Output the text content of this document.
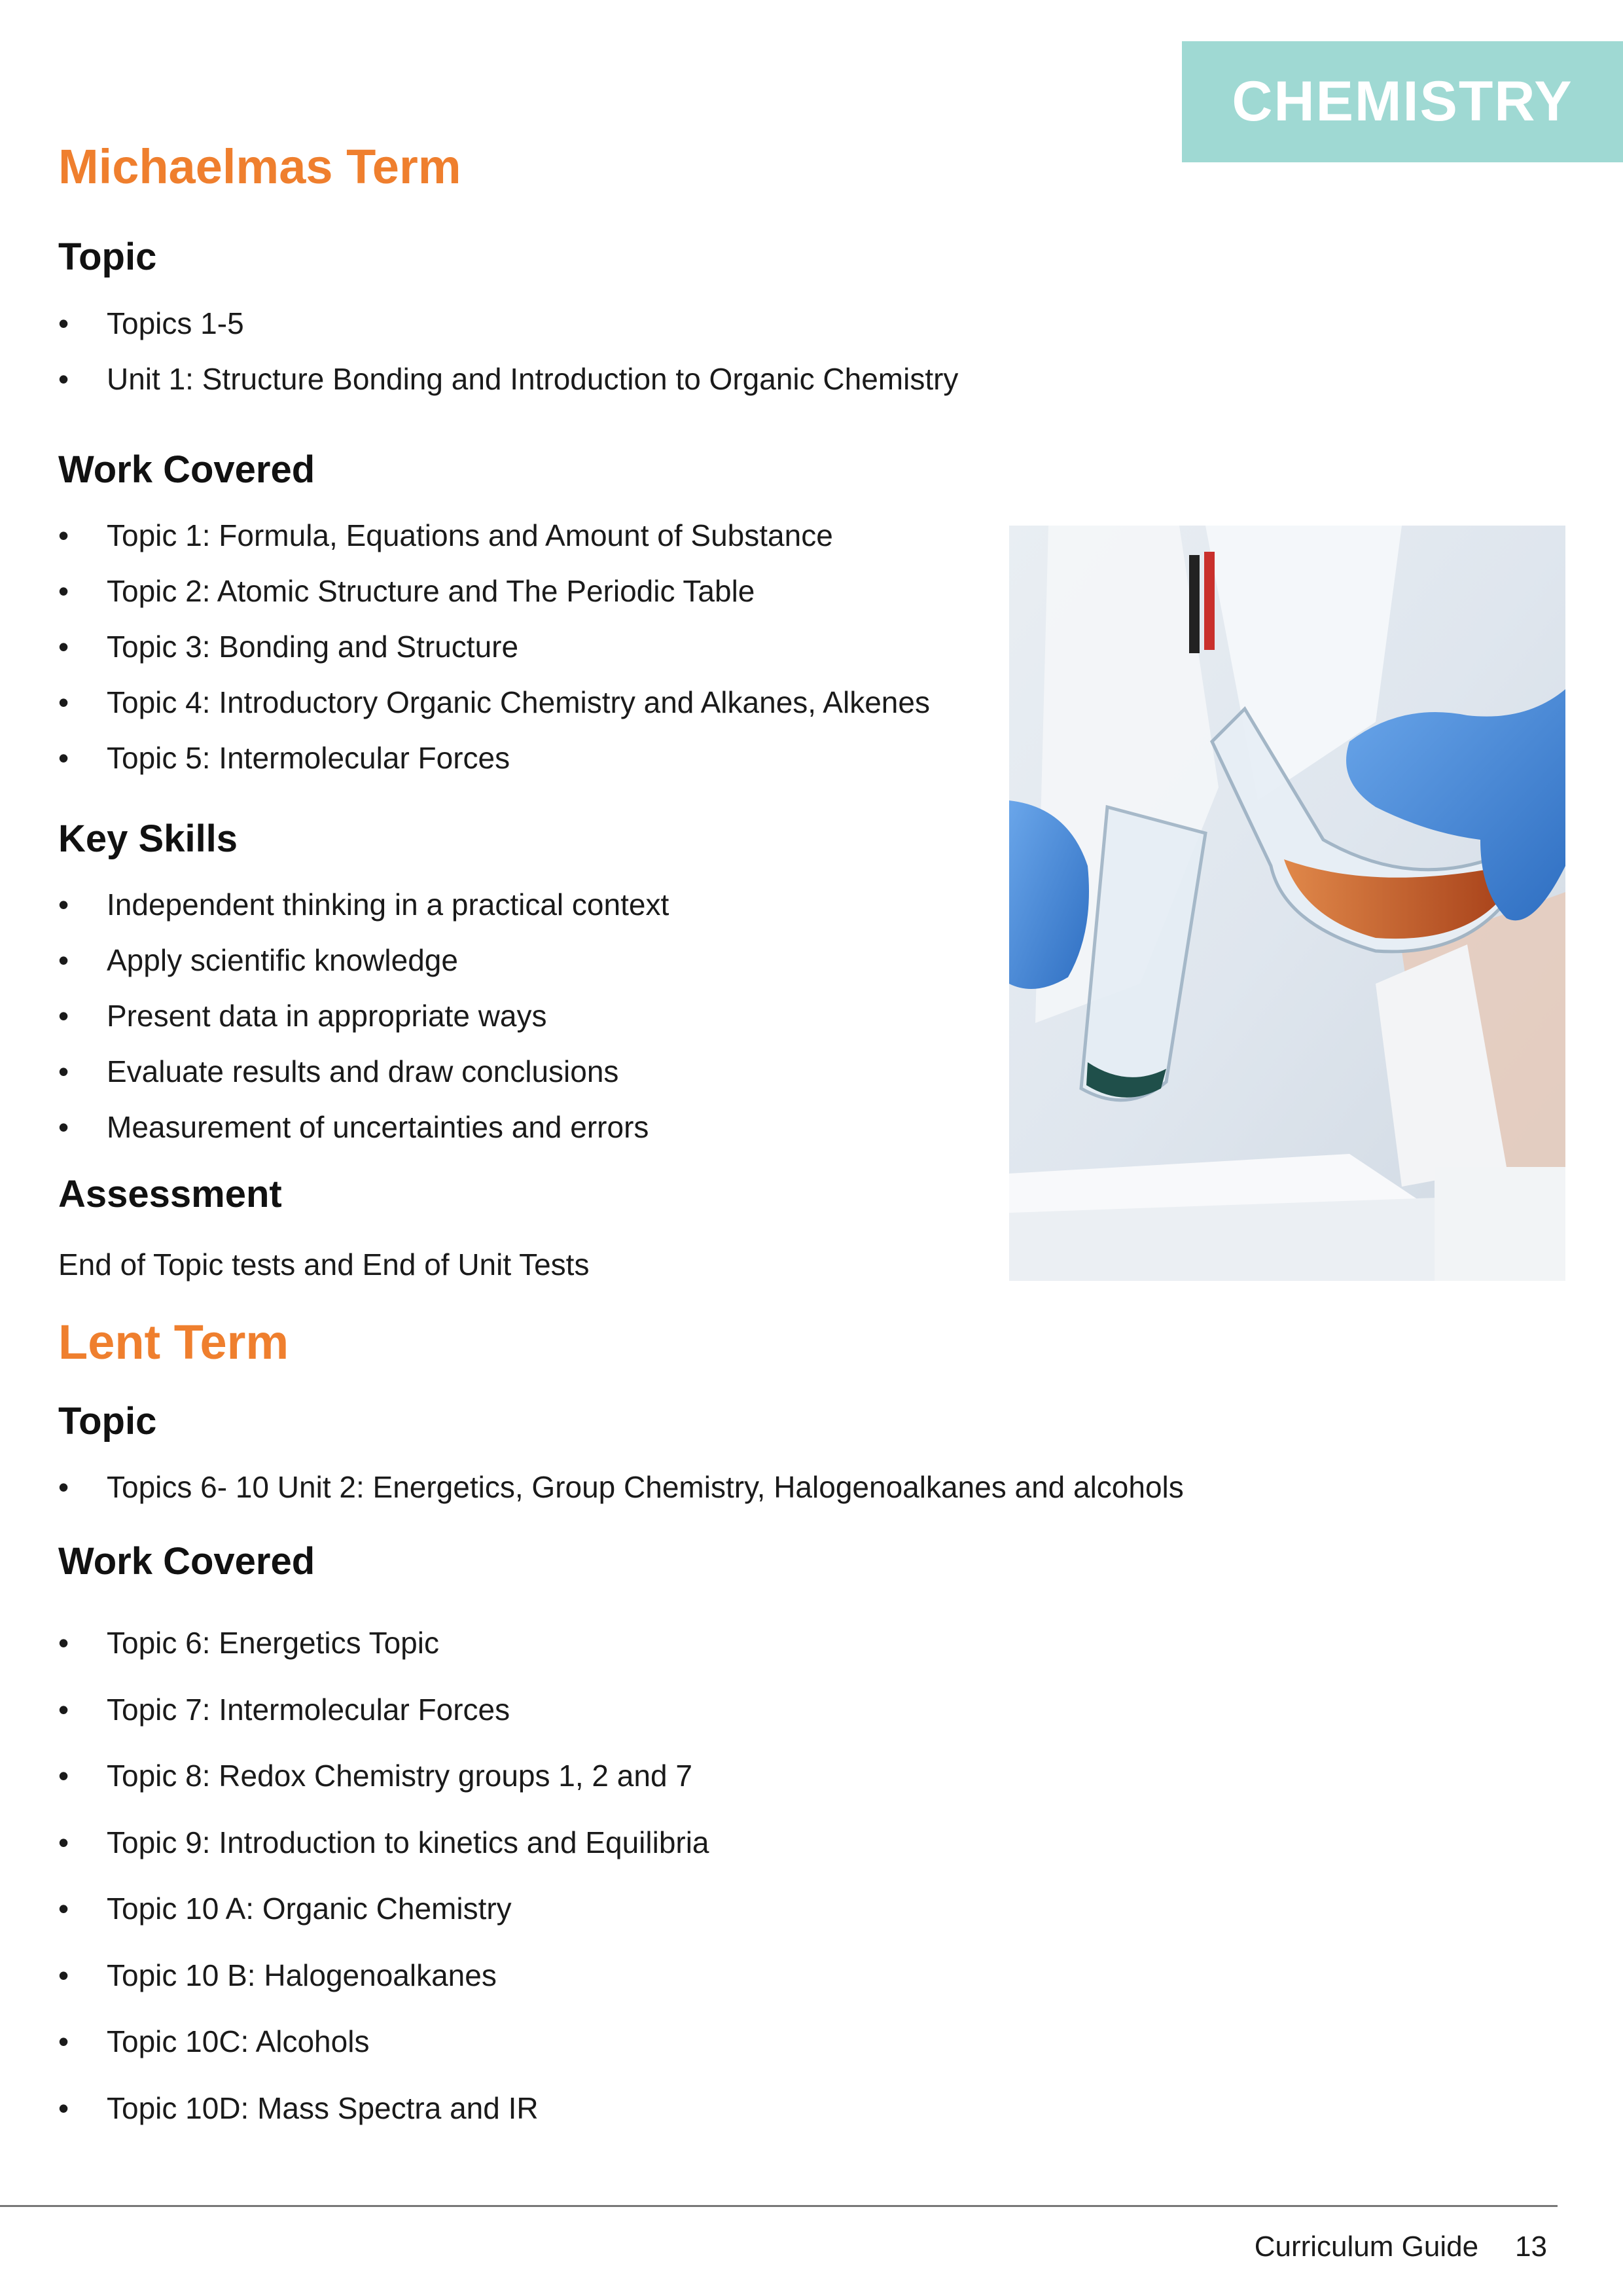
CHEMISTRY
Michaelmas Term
Topic
• Topics 1-5
• Unit 1: Structure Bonding and Introduction to Organic Chemistry
Work Covered
• Topic 1: Formula, Equations and Amount of Substance
• Topic 2: Atomic Structure and The Periodic Table
• Topic 3: Bonding and Structure
• Topic 4: Introductory Organic Chemistry and Alkanes, Alkenes
• Topic 5: Intermolecular Forces
Key Skills
• Independent thinking in a practical context
• Apply scientific knowledge
• Present data in appropriate ways
• Evaluate results and draw conclusions
• Measurement of uncertainties and errors
Assessment

End of Topic tests and End of Unit Tests

Lent Term
Topic
• Topics 6- 10 Unit 2: Energetics, Group Chemistry, Halogenoalkanes and alcohols
Work Covered
• Topic 6: Energetics Topic
• Topic 7: Intermolecular Forces
• Topic 8: Redox Chemistry groups 1, 2 and 7
• Topic 9: Introduction to kinetics and Equilibria
• Topic 10 A: Organic Chemistry
• Topic 10 B: Halogenoalkanes
• Topic 10C: Alcohols
• Topic 10D: Mass Spectra and IR
Curriculum Guide 13
